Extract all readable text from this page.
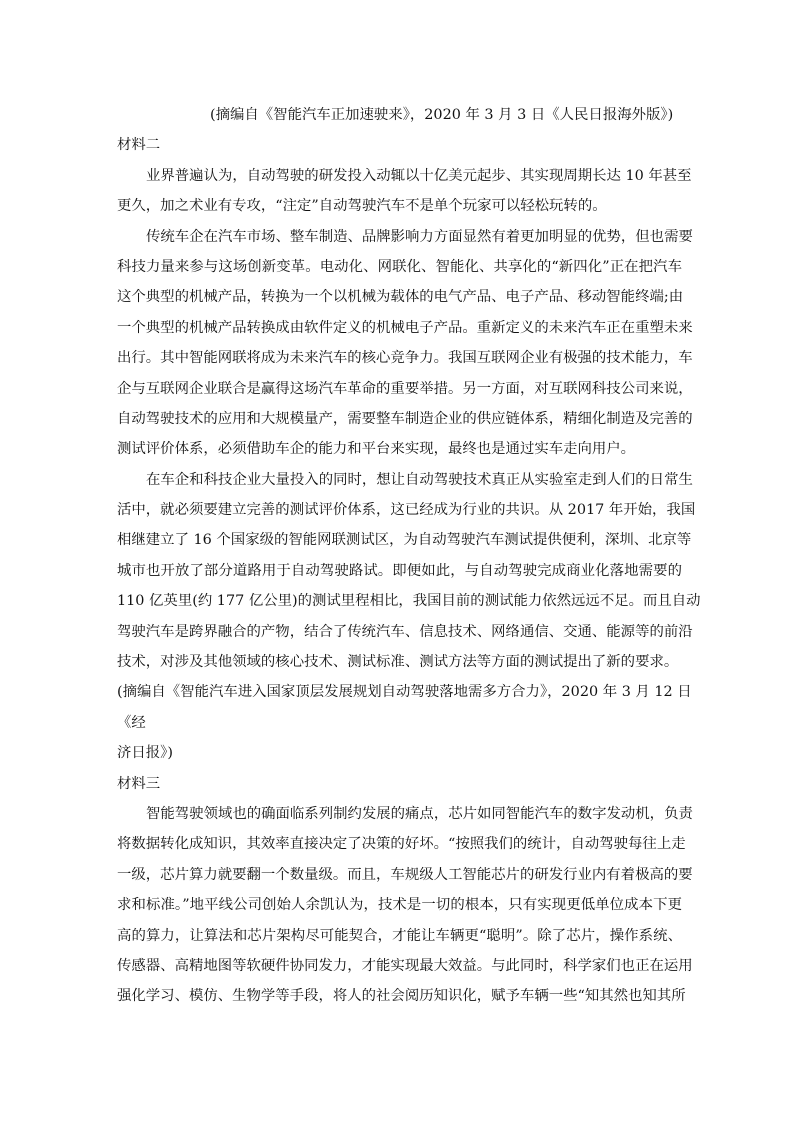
(摘编自《智能汽车正加速驶来》，2020 年 3 月 3 日《人民日报海外版》)
材料二
业界普遍认为，自动驾驶的研发投入动辄以十亿美元起步、其实现周期长达 10 年甚至
更久，加之术业有专攻，“注定”自动驾驶汽车不是单个玩家可以轻松玩转的。
传统车企在汽车市场、整车制造、品牌影响力方面显然有着更加明显的优势，但也需要
科技力量来参与这场创新变革。电动化、网联化、智能化、共享化的“新四化”正在把汽车
这个典型的机械产品，转换为一个以机械为载体的电气产品、电子产品、移动智能终端;由
一个典型的机械产品转换成由软件定义的机械电子产品。重新定义的未来汽车正在重塑未来
出行。其中智能网联将成为未来汽车的核心竞争力。我国互联网企业有极强的技术能力，车
企与互联网企业联合是赢得这场汽车革命的重要举措。另一方面，对互联网科技公司来说，
自动驾驶技术的应用和大规模量产，需要整车制造企业的供应链体系，精细化制造及完善的
测试评价体系，必须借助车企的能力和平台来实现，最终也是通过实车走向用户。
在车企和科技企业大量投入的同时，想让自动驾驶技术真正从实验室走到人们的日常生
活中，就必须要建立完善的测试评价体系，这已经成为行业的共识。从 2017 年开始，我国
相继建立了 16 个国家级的智能网联测试区，为自动驾驶汽车测试提供便利，深圳、北京等
城市也开放了部分道路用于自动驾驶路试。即便如此，与自动驾驶完成商业化落地需要的
110 亿英里(约 177 亿公里)的测试里程相比，我国目前的测试能力依然远远不足。而且自动
驾驶汽车是跨界融合的产物，结合了传统汽车、信息技术、网络通信、交通、能源等的前沿
技术，对涉及其他领域的核心技术、测试标准、测试方法等方面的测试提出了新的要求。
(摘编自《智能汽车进入国家顶层发展规划自动驾驶落地需多方合力》，2020 年 3 月 12 日
《经
济日报》)
材料三
智能驾驶领域也的确面临系列制约发展的痛点，芯片如同智能汽车的数字发动机，负责
将数据转化成知识，其效率直接决定了决策的好坏。“按照我们的统计，自动驾驶每往上走
一级，芯片算力就要翻一个数量级。而且，车规级人工智能芯片的研发行业内有着极高的要
求和标准。”地平线公司创始人余凯认为，技术是一切的根本，只有实现更低单位成本下更
高的算力，让算法和芯片架构尽可能契合，才能让车辆更“聪明”。除了芯片，操作系统、
传感器、高精地图等软硬件协同发力，才能实现最大效益。与此同时，科学家们也正在运用
强化学习、模仿、生物学等手段，将人的社会阅历知识化，赋予车辆一些“知其然也知其所
